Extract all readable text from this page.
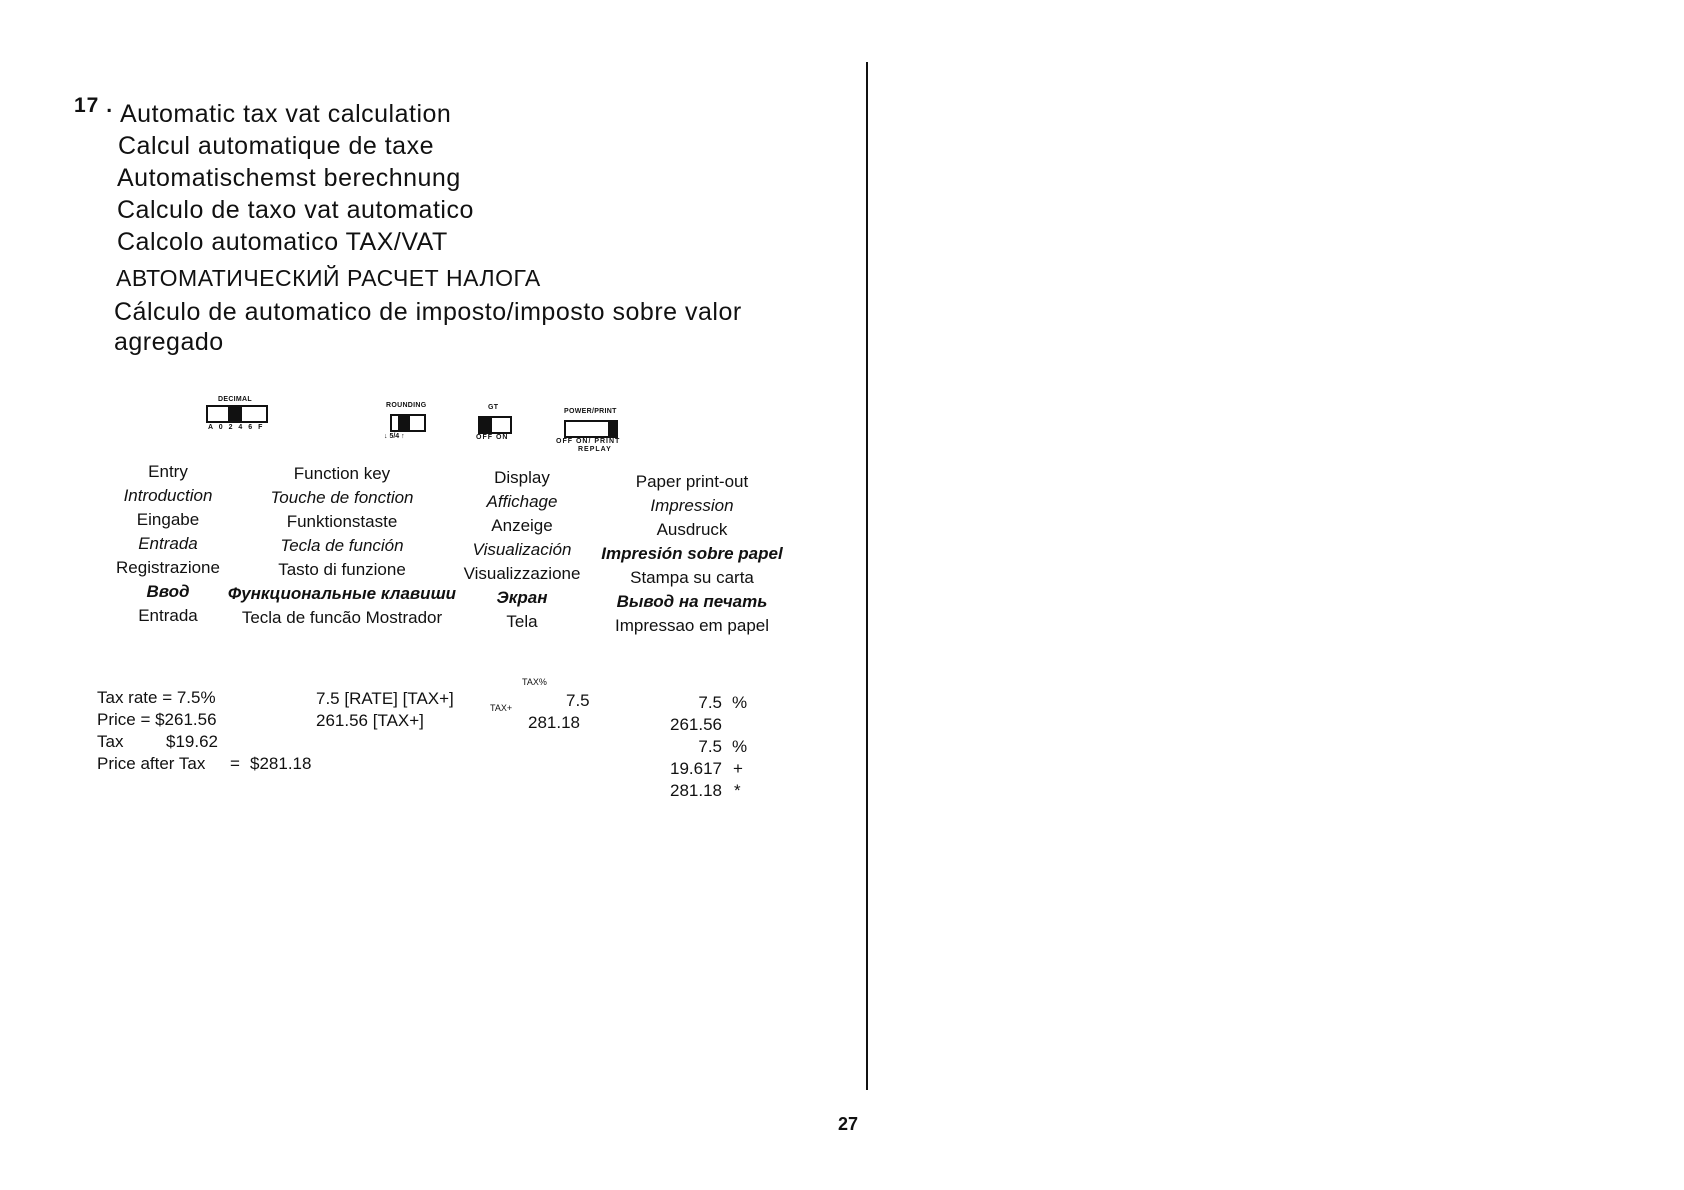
17 . Automatic tax vat calculation
Calcul automatique de taxe
Automatischemst berechnung
Calculo de taxo vat automatico
Calcolo automatico TAX/VAT
АВТОМАТИЧЕСКИЙ РАСЧЕТ НАЛОГА
Cálculo de automatico de imposto/imposto sobre valor
agregado
DECIMAL
A 0 2 4 6 F
ROUNDING
↓ 5/4 ↑
GT
OFF ON
POWER/PRINT
OFF ON/ PRINT
REPLAY
Entry
Introduction
Eingabe
Entrada
Registrazione
Ввод
Entrada
Function key
Touche de fonction
Funktionstaste
Tecla de función
Tasto di funzione
Функциональные клавиши
Tecla de funcão Mostrador
Display
Affichage
Anzeige
Visualización
Visualizzazione
Экран
Tela
Paper print-out
Impression
Ausdruck
Impresión sobre papel
Stampa su carta
Вывод на печать
Impressao em papel
Tax rate = 7.5%
Price = $261.56
Tax	$19.62
Price after Tax = $281.18
7.5 [RATE] [TAX+]
261.56 [TAX+]
TAX%
7.5
TAX+
281.18
7.5 %
261.56
7.5 %
19.617 +
281.18 *
27
